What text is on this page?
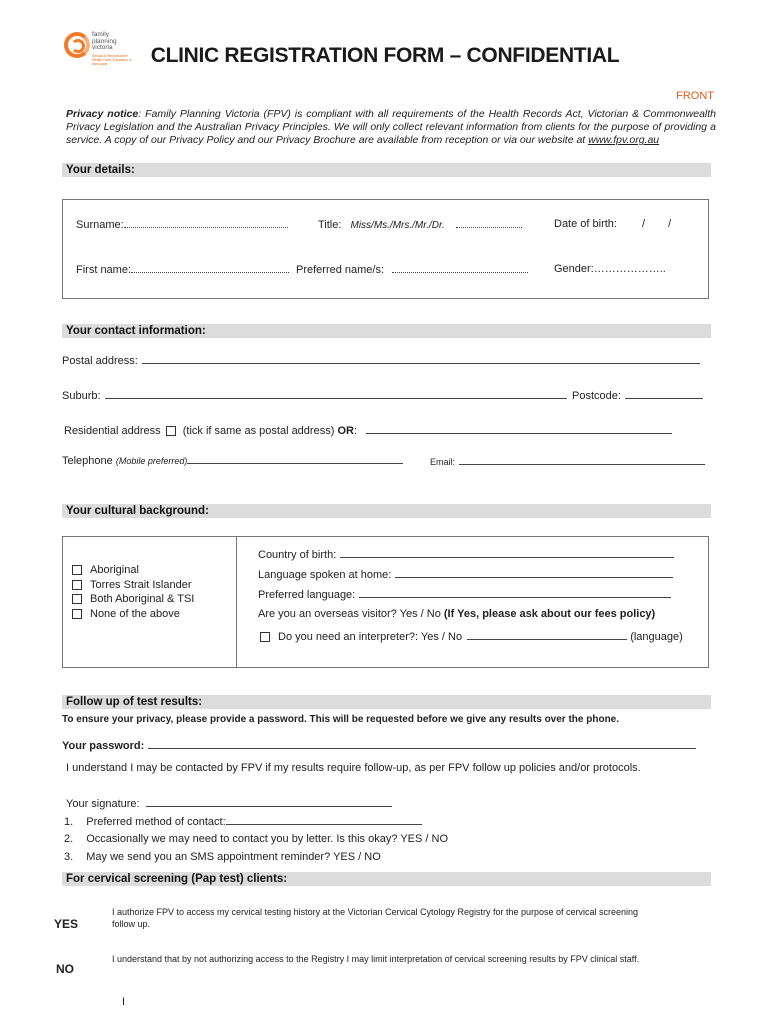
family
planning
victoria
Sexual & Reproductive Health Care, Education & Advocacy	CLINIC REGISTRATION FORM – CONFIDENTIAL
FRONT
Privacy notice: Family Planning Victoria (FPV) is compliant with all requirements of the Health Records Act, Victorian & Commonwealth Privacy Legislation and the Australian Privacy Principles. We will only collect relevant information from clients for the purpose of providing a service. A copy of our Privacy Policy and our Privacy Brochure are available from reception or via our website at www.fpv.org.au
Your details:
Surname:	Title: Miss/Ms./Mrs./Mr./Dr.	Date of birth: / /
First name:	Preferred name/s:	Gender:………………..
Your contact information:
Postal address:
Suburb:	Postcode:
Residential address (tick if same as postal address) OR:
Telephone (Mobile preferred)	Email:
Your cultural background:
Aboriginal
Torres Strait Islander
Both Aboriginal & TSI
None of the above
Country of birth:
Language spoken at home:
Preferred language:
Are you an overseas visitor? Yes / No (If Yes, please ask about our fees policy)
Do you need an interpreter?: Yes / No	(language)
Follow up of test results:
To ensure your privacy, please provide a password. This will be requested before we give any results over the phone.
Your password:
I understand I may be contacted by FPV if my results require follow-up, as per FPV follow up policies and/or protocols.
Your signature:
1. Preferred method of contact:
2. Occasionally we may need to contact you by letter. Is this okay? YES / NO
3. May we send you an SMS appointment reminder? YES / NO
For cervical screening (Pap test) clients:
YES
I authorize FPV to access my cervical testing history at the Victorian Cervical Cytology Registry for the purpose of cervical screening follow up.
NO
I understand that by not authorizing access to the Registry I may limit interpretation of cervical screening results by FPV clinical staff.
I
